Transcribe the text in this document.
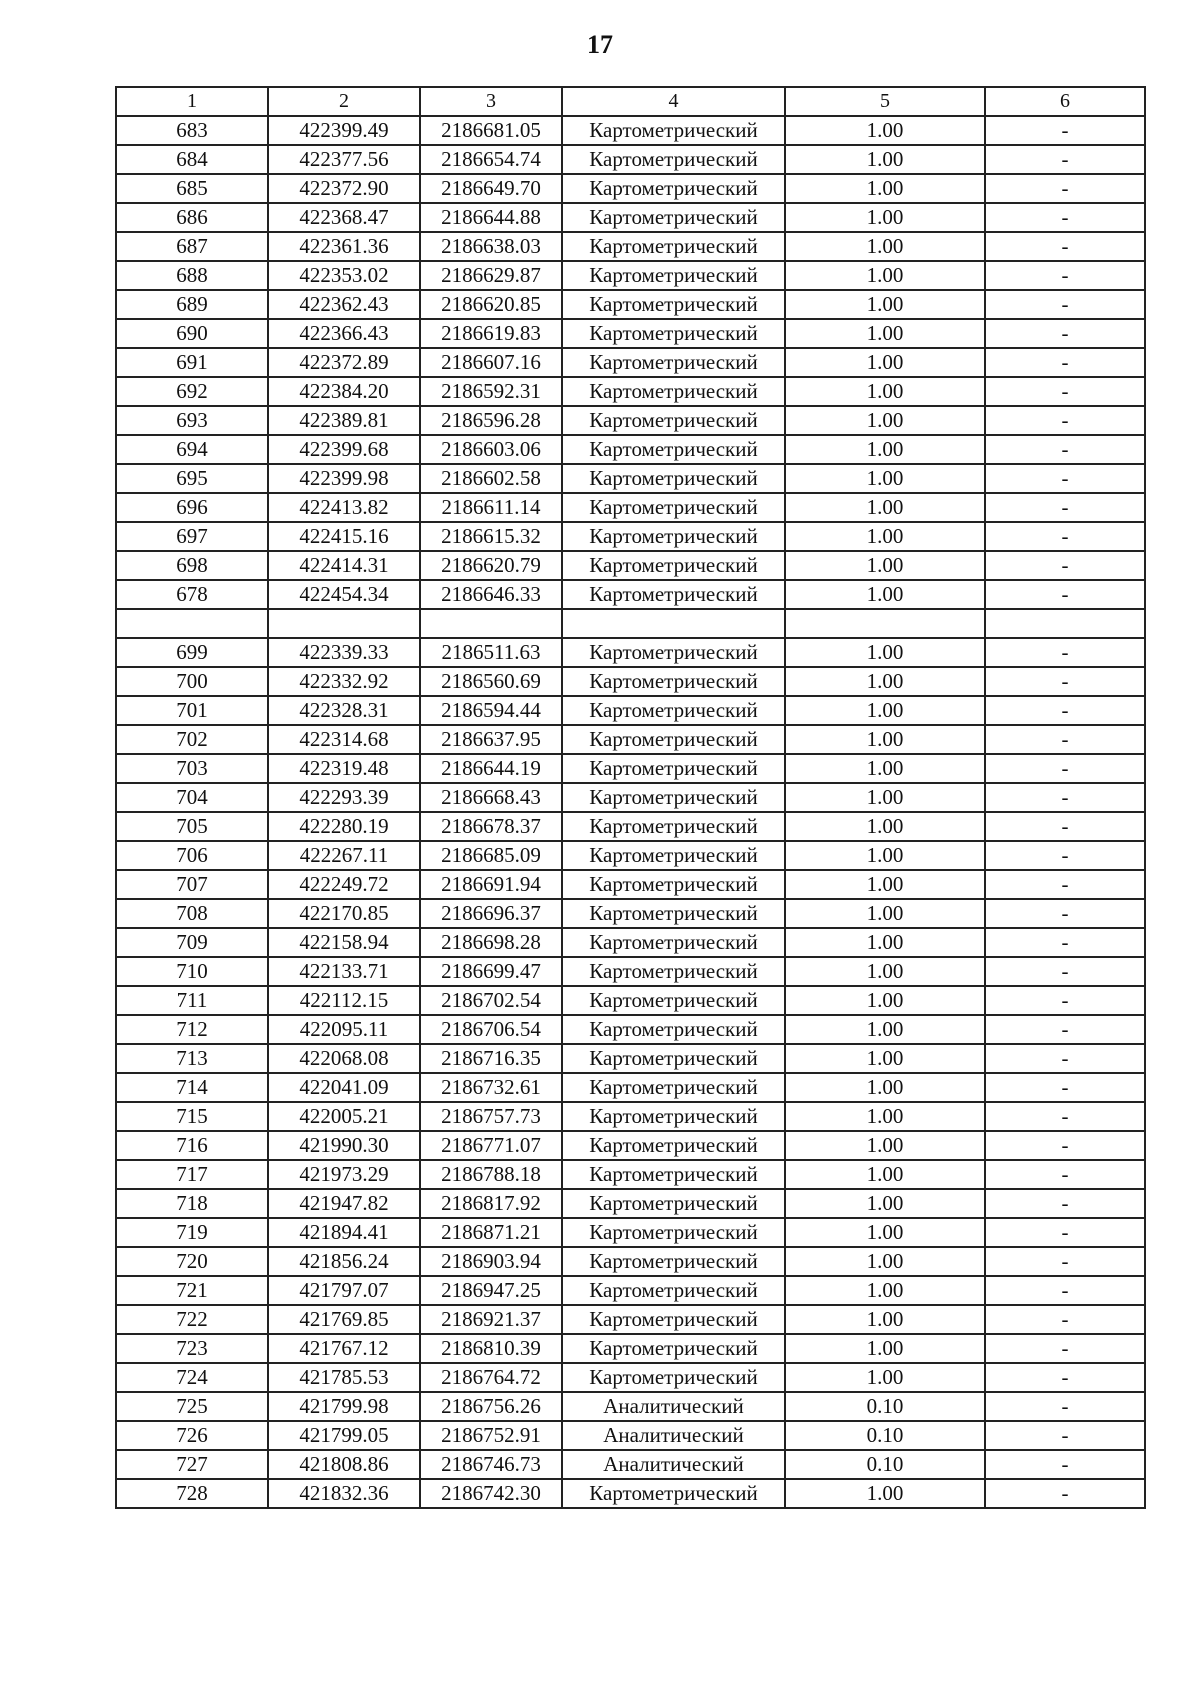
17
1	2	3	4	5	6
683	422399.49	2186681.05	Картометрический	1.00	-
684	422377.56	2186654.74	Картометрический	1.00	-
685	422372.90	2186649.70	Картометрический	1.00	-
686	422368.47	2186644.88	Картометрический	1.00	-
687	422361.36	2186638.03	Картометрический	1.00	-
688	422353.02	2186629.87	Картометрический	1.00	-
689	422362.43	2186620.85	Картометрический	1.00	-
690	422366.43	2186619.83	Картометрический	1.00	-
691	422372.89	2186607.16	Картометрический	1.00	-
692	422384.20	2186592.31	Картометрический	1.00	-
693	422389.81	2186596.28	Картометрический	1.00	-
694	422399.68	2186603.06	Картометрический	1.00	-
695	422399.98	2186602.58	Картометрический	1.00	-
696	422413.82	2186611.14	Картометрический	1.00	-
697	422415.16	2186615.32	Картометрический	1.00	-
698	422414.31	2186620.79	Картометрический	1.00	-
678	422454.34	2186646.33	Картометрический	1.00	-

699	422339.33	2186511.63	Картометрический	1.00	-
700	422332.92	2186560.69	Картометрический	1.00	-
701	422328.31	2186594.44	Картометрический	1.00	-
702	422314.68	2186637.95	Картометрический	1.00	-
703	422319.48	2186644.19	Картометрический	1.00	-
704	422293.39	2186668.43	Картометрический	1.00	-
705	422280.19	2186678.37	Картометрический	1.00	-
706	422267.11	2186685.09	Картометрический	1.00	-
707	422249.72	2186691.94	Картометрический	1.00	-
708	422170.85	2186696.37	Картометрический	1.00	-
709	422158.94	2186698.28	Картометрический	1.00	-
710	422133.71	2186699.47	Картометрический	1.00	-
711	422112.15	2186702.54	Картометрический	1.00	-
712	422095.11	2186706.54	Картометрический	1.00	-
713	422068.08	2186716.35	Картометрический	1.00	-
714	422041.09	2186732.61	Картометрический	1.00	-
715	422005.21	2186757.73	Картометрический	1.00	-
716	421990.30	2186771.07	Картометрический	1.00	-
717	421973.29	2186788.18	Картометрический	1.00	-
718	421947.82	2186817.92	Картометрический	1.00	-
719	421894.41	2186871.21	Картометрический	1.00	-
720	421856.24	2186903.94	Картометрический	1.00	-
721	421797.07	2186947.25	Картометрический	1.00	-
722	421769.85	2186921.37	Картометрический	1.00	-
723	421767.12	2186810.39	Картометрический	1.00	-
724	421785.53	2186764.72	Картометрический	1.00	-
725	421799.98	2186756.26	Аналитический	0.10	-
726	421799.05	2186752.91	Аналитический	0.10	-
727	421808.86	2186746.73	Аналитический	0.10	-
728	421832.36	2186742.30	Картометрический	1.00	-
